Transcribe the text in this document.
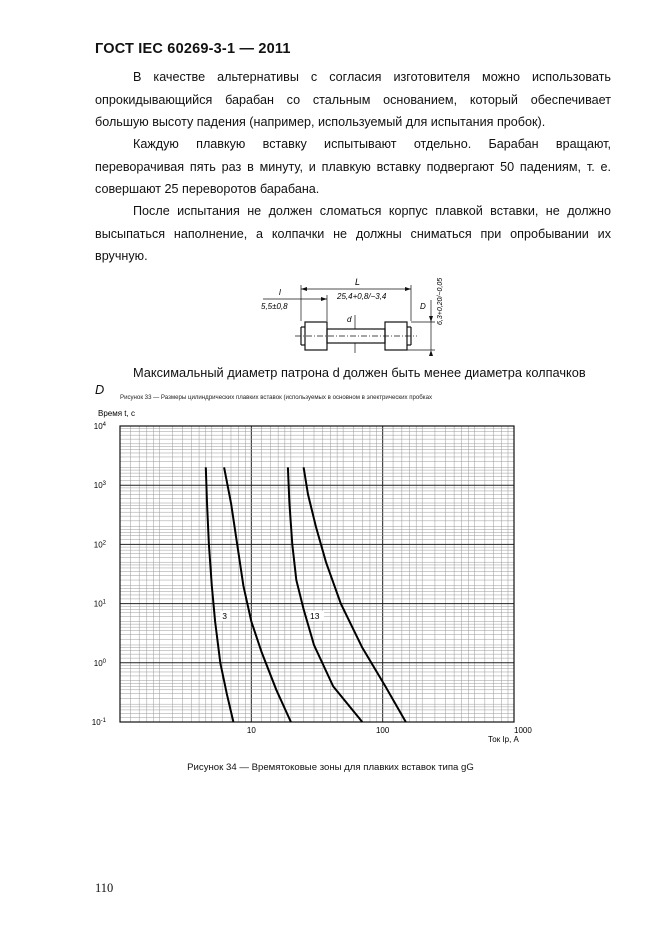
ГОСТ IEC 60269-3-1 — 2011

В качестве альтернативы с согласия изготовителя можно использовать опрокидывающийся барабан со стальным основанием, который обеспечивает большую высоту падения (например, используемый для испытания пробок).

Каждую плавкую вставку испытывают отдельно. Барабан вращают, переворачивая пять раз в минуту, и плавкую вставку подвергают 50 падениям, т. е. совершают 25 переворотов барабана.

После испытания не должен сломаться корпус плавкой вставки, не должно высыпаться наполнение, а колпачки не должны сниматься при опробывании их вручную.

L
25,4+0,8/−3,4
l
5,5±0,8	D 6,3+0,20/−0,05
d
Максимальный диаметр патрона d должен быть менее диаметра колпачков
D
Рисунок 33 — Размеры цилиндрических плавких вставок (используемых в основном в электрических пробках
3	13
10	100	1000
$10^{-1}$
$10^0$
$10^1$
$10^2$
$10^3$
$10^4$
Время t, с
Ток Ip, А
Рисунок 34 — Времятоковые зоны для плавких вставок типа gG
110
